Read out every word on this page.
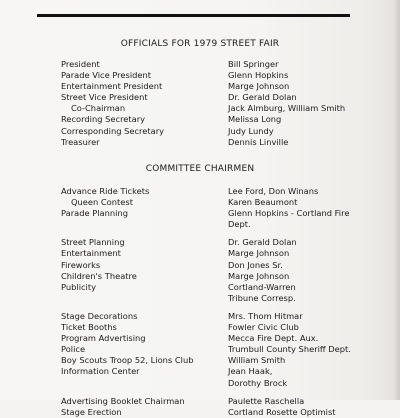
OFFICIALS FOR 1979 STREET FAIR
President	Bill Springer
Parade Vice President	Glenn Hopkins
Entertainment President	Marge Johnson
Street Vice President	Dr. Gerald Dolan
Co-Chairman	Jack Almburg, William Smith
Recording Secretary	Melissa Long
Corresponding Secretary	Judy Lundy
Treasurer	Dennis Linville
COMMITTEE CHAIRMEN
Advance Ride Tickets	Lee Ford, Don Winans
Queen Contest	Karen Beaumont
Parade Planning	Glenn Hopkins - Cortland Fire
Dept.
Street Planning	Dr. Gerald Dolan
Entertainment	Marge Johnson
Fireworks	Don Jones Sr.
Children's Theatre	Marge Johnson
Publicity	Cortland-Warren
Tribune Corresp.
Stage Decorations	Mrs. Thom Hitmar
Ticket Booths	Fowler Civic Club
Program Advertising	Mecca Fire Dept. Aux.
Police	Trumbull County Sheriff Dept.
Boy Scouts Troop 52, Lions Club	William Smith
Information Center	Jean Haak,
Dorothy Brock
Advertising Booklet Chairman	Paulette Raschella
Stage Erection	Cortland Rosette Optimist
